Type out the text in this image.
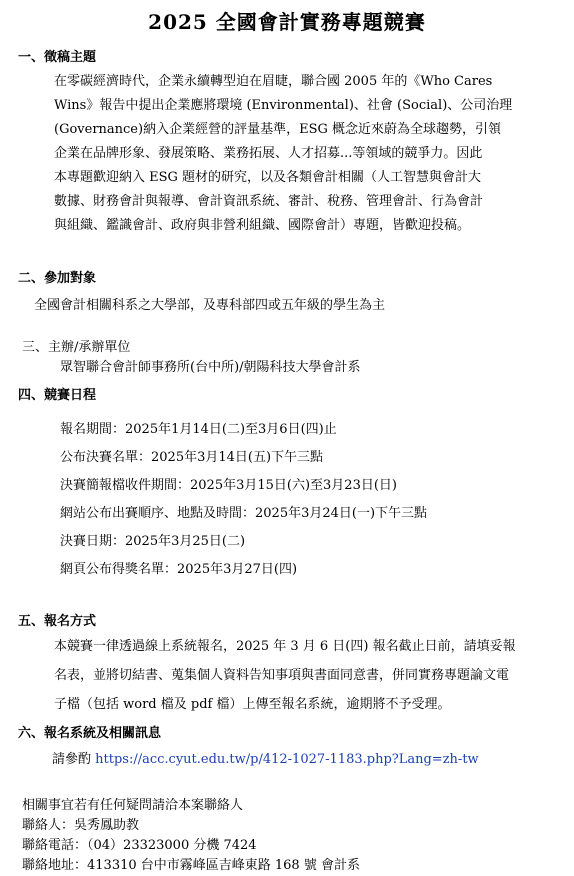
2025 全國會計實務專題競賽
一、徵稿主題
在零碳經濟時代，企業永續轉型迫在眉睫，聯合國 2005 年的《Who Cares
Wins》報告中提出企業應將環境 (Environmental)、社會 (Social)、公司治理
(Governance)納入企業經營的評量基準，ESG 概念近來蔚為全球趨勢，引領
企業在品牌形象、發展策略、業務拓展、人才招募...等領域的競爭力。因此
本專題歡迎納入 ESG 題材的研究，以及各類會計相關（人工智慧與會計大
數據、財務會計與報導、會計資訊系統、審計、稅務、管理會計、行為會計
與組織、鑑識會計、政府與非營利組織、國際會計）專題，皆歡迎投稿。
二、參加對象
全國會計相關科系之大學部，及專科部四或五年級的學生為主
三、主辦/承辦單位
眾智聯合會計師事務所(台中所)/朝陽科技大學會計系
四、競賽日程
報名期間：2025年1月14日(二)至3月6日(四)止
公布決賽名單：2025年3月14日(五)下午三點
決賽簡報檔收件期間：2025年3月15日(六)至3月23日(日)
網站公布出賽順序、地點及時間：2025年3月24日(一)下午三點
決賽日期：2025年3月25日(二)
網頁公布得獎名單：2025年3月27日(四)
五、報名方式
本競賽一律透過線上系統報名，2025 年 3 月 6 日(四) 報名截止日前，請填妥報
名表，並將切結書、蒐集個人資料告知事項與書面同意書，併同實務專題論文電
子檔（包括 word 檔及 pdf 檔）上傳至報名系統，逾期將不予受理。
六、報名系統及相關訊息
請參酌 https://acc.cyut.edu.tw/p/412-1027-1183.php?Lang=zh-tw
相關事宜若有任何疑問請洽本案聯絡人
聯絡人：吳秀鳳助教
聯絡電話：（04）23323000 分機 7424
聯絡地址：413310 台中市霧峰區吉峰東路 168 號 會計系
